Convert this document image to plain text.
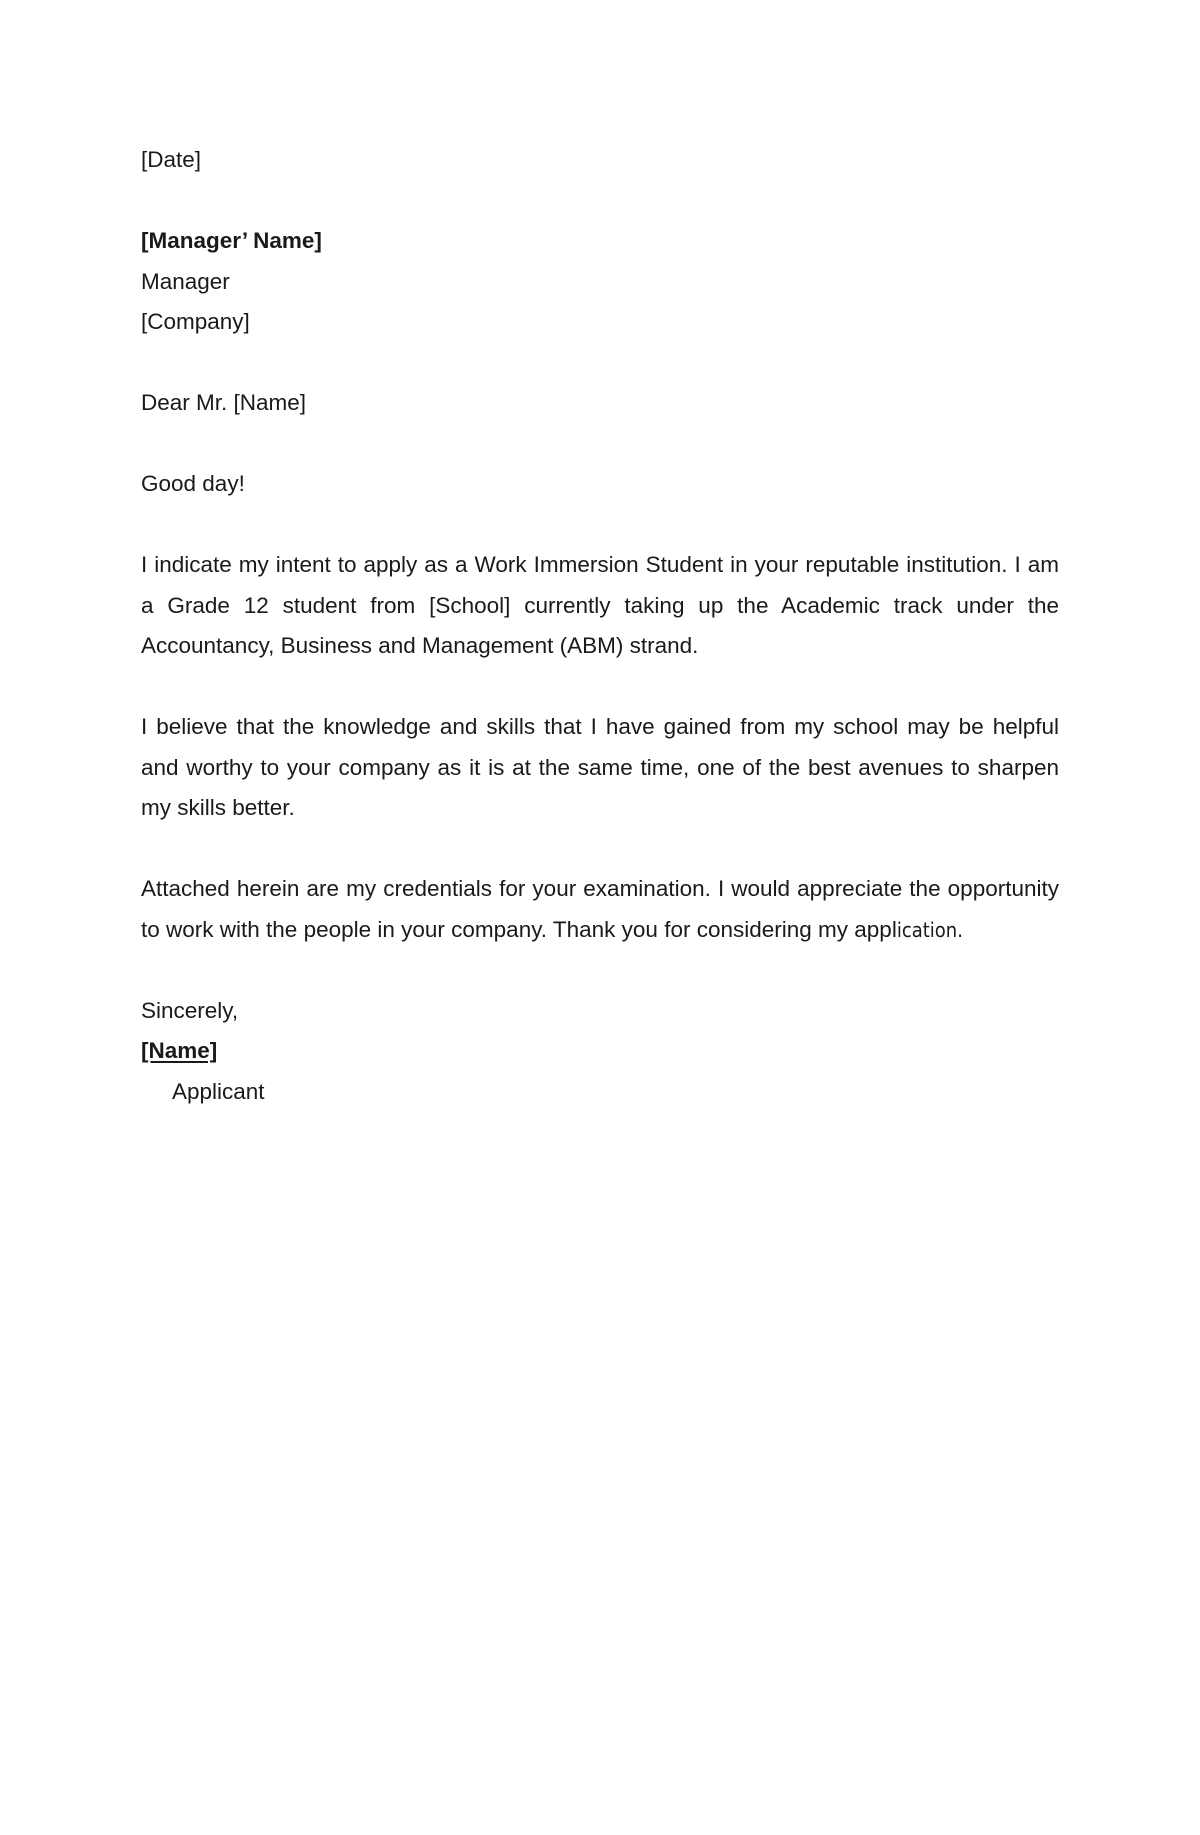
[Date]
[Manager’ Name]
Manager
[Company]
Dear Mr. [Name]
Good day!

I indicate my intent to apply as a Work Immersion Student in your reputable institution. I am a Grade 12 student from [School] currently taking up the Academic track under the Accountancy, Business and Management (ABM) strand.

I believe that the knowledge and skills that I have gained from my school may be helpful and worthy to your company as it is at the same time, one of the best avenues to sharpen my skills better.

Attached herein are my credentials for your examination. I would appreciate the opportunity to work with the people in your company. Thank you for considering my application.

Sincerely,
[Name]
Applicant
